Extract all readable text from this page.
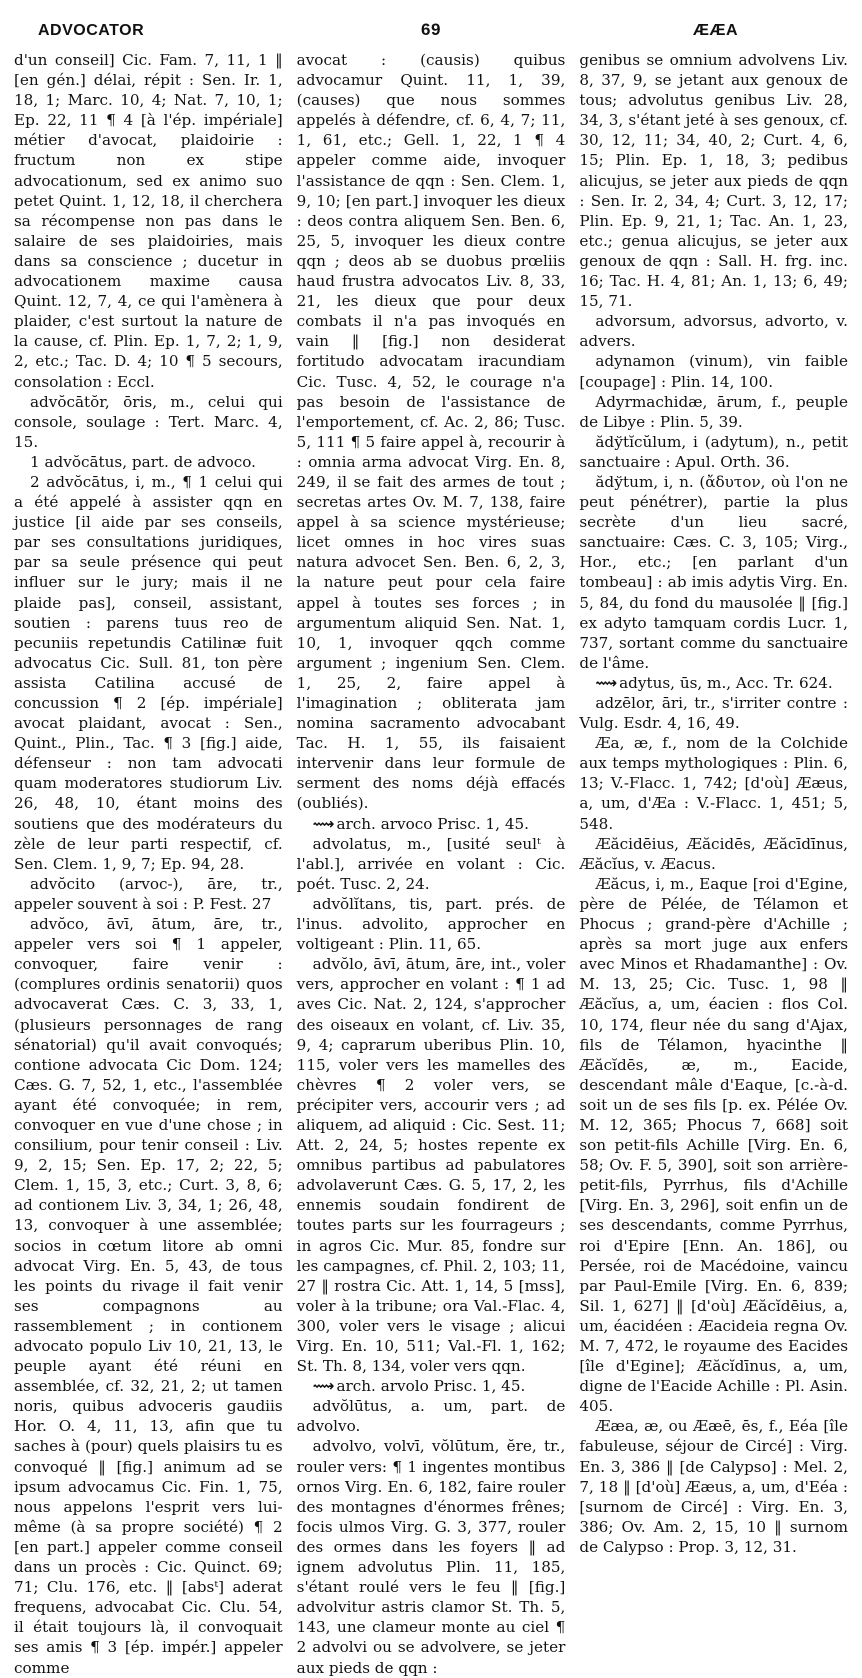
ADVOCATOR	69	ÆÆA

d'un conseil] Cic. Fam. 7, 11, 1 ‖ [en gén.] délai, répit : Sen. Ir. 1, 18, 1; Marc. 10, 4; Nat. 7, 10, 1; Ep. 22, 11 ¶ 4 [à l'ép. impériale] métier d'avocat, plaidoirie : fructum non ex stipe advocationum, sed ex animo suo petet Quint. 1, 12, 18, il cherchera sa récompense non pas dans le salaire de ses plaidoiries, mais dans sa conscience ; ducetur in advocationem maxime causa Quint. 12, 7, 4, ce qui l'amènera à plaider, c'est surtout la nature de la cause, cf. Plin. Ep. 1, 7, 2; 1, 9, 2, etc.; Tac. D. 4; 10 ¶ 5 secours, consolation : Eccl.

advŏcātŏr, ōris, m., celui qui console, soulage : Tert. Marc. 4, 15.

1 advŏcātus, part. de advoco.

2 advŏcātus, i, m., ¶ 1 celui qui a été appelé à assister qqn en justice [il aide par ses conseils, par ses consultations juridiques, par sa seule présence qui peut influer sur le jury; mais il ne plaide pas], conseil, assistant, soutien : parens tuus reo de pecuniis repetundis Catilinæ fuit advocatus Cic. Sull. 81, ton père assista Catilina accusé de concussion ¶ 2 [ép. impériale] avocat plaidant, avocat : Sen., Quint., Plin., Tac. ¶ 3 [fig.] aide, défenseur : non tam advocati quam moderatores studiorum Liv. 26, 48, 10, étant moins des soutiens que des modérateurs du zèle de leur parti respectif, cf. Sen. Clem. 1, 9, 7; Ep. 94, 28.

advŏcito (arvoc-), āre, tr., appeler souvent à soi : P. Fest. 27

advŏco, āvī, ātum, āre, tr., appeler vers soi ¶ 1 appeler, convoquer, faire venir : (complures ordinis senatorii) quos advocaverat Cæs. C. 3, 33, 1, (plusieurs personnages de rang sénatorial) qu'il avait convoqués; contione advocata Cic Dom. 124; Cæs. G. 7, 52, 1, etc., l'assemblée ayant été convoquée; in rem, convoquer en vue d'une chose ; in consilium, pour tenir conseil : Liv. 9, 2, 15; Sen. Ep. 17, 2; 22, 5; Clem. 1, 15, 3, etc.; Curt. 3, 8, 6; ad contionem Liv. 3, 34, 1; 26, 48, 13, convoquer à une assemblée; socios in cœtum litore ab omni advocat Virg. En. 5, 43, de tous les points du rivage il fait venir ses compagnons au rassemblement ; in contionem advocato populo Liv 10, 21, 13, le peuple ayant été réuni en assemblée, cf. 32, 21, 2; ut tamen noris, quibus advoceris gaudiis Hor. O. 4, 11, 13, afin que tu saches à (pour) quels plaisirs tu es convoqué ‖ [fig.] animum ad se ipsum advocamus Cic. Fin. 1, 75, nous appelons l'esprit vers lui-même (à sa propre société) ¶ 2 [en part.] appeler comme conseil dans un procès : Cic. Quinct. 69; 71; Clu. 176, etc. ‖ [absᵗ] aderat frequens, advocabat Cic. Clu. 54, il était toujours là, il convoquait ses amis ¶ 3 [ép. impér.] appeler comme

avocat : (causis) quibus advocamur Quint. 11, 1, 39, (causes) que nous sommes appelés à défendre, cf. 6, 4, 7; 11, 1, 61, etc.; Gell. 1, 22, 1 ¶ 4 appeler comme aide, invoquer l'assistance de qqn : Sen. Clem. 1, 9, 10; [en part.] invoquer les dieux : deos contra aliquem Sen. Ben. 6, 25, 5, invoquer les dieux contre qqn ; deos ab se duobus prœliis haud frustra advocatos Liv. 8, 33, 21, les dieux que pour deux combats il n'a pas invoqués en vain ‖ [fig.] non desiderat fortitudo advocatam iracundiam Cic. Tusc. 4, 52, le courage n'a pas besoin de l'assistance de l'emportement, cf. Ac. 2, 86; Tusc. 5, 111 ¶ 5 faire appel à, recourir à : omnia arma advocat Virg. En. 8, 249, il se fait des armes de tout ; secretas artes Ov. M. 7, 138, faire appel à sa science mystérieuse; licet omnes in hoc vires suas natura advocet Sen. Ben. 6, 2, 3, la nature peut pour cela faire appel à toutes ses forces ; in argumentum aliquid Sen. Nat. 1, 10, 1, invoquer qqch comme argument ; ingenium Sen. Clem. 1, 25, 2, faire appel à l'imagination ; obliterata jam nomina sacramento advocabant Tac. H. 1, 55, ils faisaient intervenir dans leur formule de serment des noms déjà effacés (oubliés).

⟿ arch. arvoco Prisc. 1, 45.

advolatus, m., [usité seulᵗ à l'abl.], arrivée en volant : Cic. poét. Tusc. 2, 24.

advŏlĭtans, tis, part. prés. de l'inus. advolito, approcher en voltigeant : Plin. 11, 65.

advŏlo, āvī, ātum, āre, int., voler vers, approcher en volant : ¶ 1 ad aves Cic. Nat. 2, 124, s'approcher des oiseaux en volant, cf. Liv. 35, 9, 4; caprarum uberibus Plin. 10, 115, voler vers les mamelles des chèvres ¶ 2 voler vers, se précipiter vers, accourir vers ; ad aliquem, ad aliquid : Cic. Sest. 11; Att. 2, 24, 5; hostes repente ex omnibus partibus ad pabulatores advolaverunt Cæs. G. 5, 17, 2, les ennemis soudain fondirent de toutes parts sur les fourrageurs ; in agros Cic. Mur. 85, fondre sur les campagnes, cf. Phil. 2, 103; 11, 27 ‖ rostra Cic. Att. 1, 14, 5 [mss], voler à la tribune; ora Val.-Flac. 4, 300, voler vers le visage ; alicui Virg. En. 10, 511; Val.-Fl. 1, 162; St. Th. 8, 134, voler vers qqn.

⟿ arch. arvolo Prisc. 1, 45.

advŏlūtus, a. um, part. de advolvo.

advolvo, volvī, vŏlūtum, ĕre, tr., rouler vers: ¶ 1 ingentes montibus ornos Virg. En. 6, 182, faire rouler des montagnes d'énormes frênes; focis ulmos Virg. G. 3, 377, rouler des ormes dans les foyers ‖ ad ignem advolutus Plin. 11, 185, s'étant roulé vers le feu ‖ [fig.] advolvitur astris clamor St. Th. 5, 143, une clameur monte au ciel ¶ 2 advolvi ou se advolvere, se jeter aux pieds de qqn :

genibus se omnium advolvens Liv. 8, 37, 9, se jetant aux genoux de tous; advolutus genibus Liv. 28, 34, 3, s'étant jeté à ses genoux, cf. 30, 12, 11; 34, 40, 2; Curt. 4, 6, 15; Plin. Ep. 1, 18, 3; pedibus alicujus, se jeter aux pieds de qqn : Sen. Ir. 2, 34, 4; Curt. 3, 12, 17; Plin. Ep. 9, 21, 1; Tac. An. 1, 23, etc.; genua alicujus, se jeter aux genoux de qqn : Sall. H. frg. inc. 16; Tac. H. 4, 81; An. 1, 13; 6, 49; 15, 71.

advorsum, advorsus, advorto, v. advers.

adynamon (vinum), vin faible [coupage] : Plin. 14, 100.

Adyrmachidæ, ārum, f., peuple de Libye : Plin. 5, 39.

ădўtĭcŭlum, i (adytum), n., petit sanctuaire : Apul. Orth. 36.

ădўtum, i, n. (ἄδυτον, où l'on ne peut pénétrer), partie la plus secrète d'un lieu sacré, sanctuaire: Cæs. C. 3, 105; Virg., Hor., etc.; [en parlant d'un tombeau] : ab imis adytis Virg. En. 5, 84, du fond du mausolée ‖ [fig.] ex adyto tamquam cordis Lucr. 1, 737, sortant comme du sanctuaire de l'âme.

⟿ adytus, ūs, m., Acc. Tr. 624.

adzēlor, āri, tr., s'irriter contre : Vulg. Esdr. 4, 16, 49.

Æa, æ, f., nom de la Colchide aux temps mythologiques : Plin. 6, 13; V.-Flacc. 1, 742; [d'où] Ææus, a, um, d'Æa : V.-Flacc. 1, 451; 5, 548.

Æăcidēius, Æăcidēs, Æăcīdīnus, Æăcĭus, v. Æacus.

Æăcus, i, m., Eaque [roi d'Egine, père de Pélée, de Télamon et Phocus ; grand-père d'Achille ; après sa mort juge aux enfers avec Minos et Rhadamanthe] : Ov. M. 13, 25; Cic. Tusc. 1, 98 ‖ Æăcĭus, a, um, éacien : flos Col. 10, 174, fleur née du sang d'Ajax, fils de Télamon, hyacinthe ‖ Æăcĭdēs, æ, m., Eacide, descendant mâle d'Eaque, [c.-à-d. soit un de ses fils [p. ex. Pélée Ov. M. 12, 365; Phocus 7, 668] soit son petit-fils Achille [Virg. En. 6, 58; Ov. F. 5, 390], soit son arrière-petit-fils, Pyrrhus, fils d'Achille [Virg. En. 3, 296], soit enfin un de ses descendants, comme Pyrrhus, roi d'Epire [Enn. An. 186], ou Persée, roi de Macédoine, vaincu par Paul-Emile [Virg. En. 6, 839; Sil. 1, 627] ‖ [d'où] Æăcĭdēius, a, um, éacidéen : Æacideia regna Ov. M. 7, 472, le royaume des Eacides [île d'Egine]; Æăcĭdīnus, a, um, digne de l'Eacide Achille : Pl. Asin. 405.

Ææa, æ, ou Ææē, ēs, f., Eéa [île fabuleuse, séjour de Circé] : Virg. En. 3, 386 ‖ [de Calypso] : Mel. 2, 7, 18 ‖ [d'où] Ææus, a, um, d'Eéa : [surnom de Circé] : Virg. En. 3, 386; Ov. Am. 2, 15, 10 ‖ surnom de Calypso : Prop. 3, 12, 31.
